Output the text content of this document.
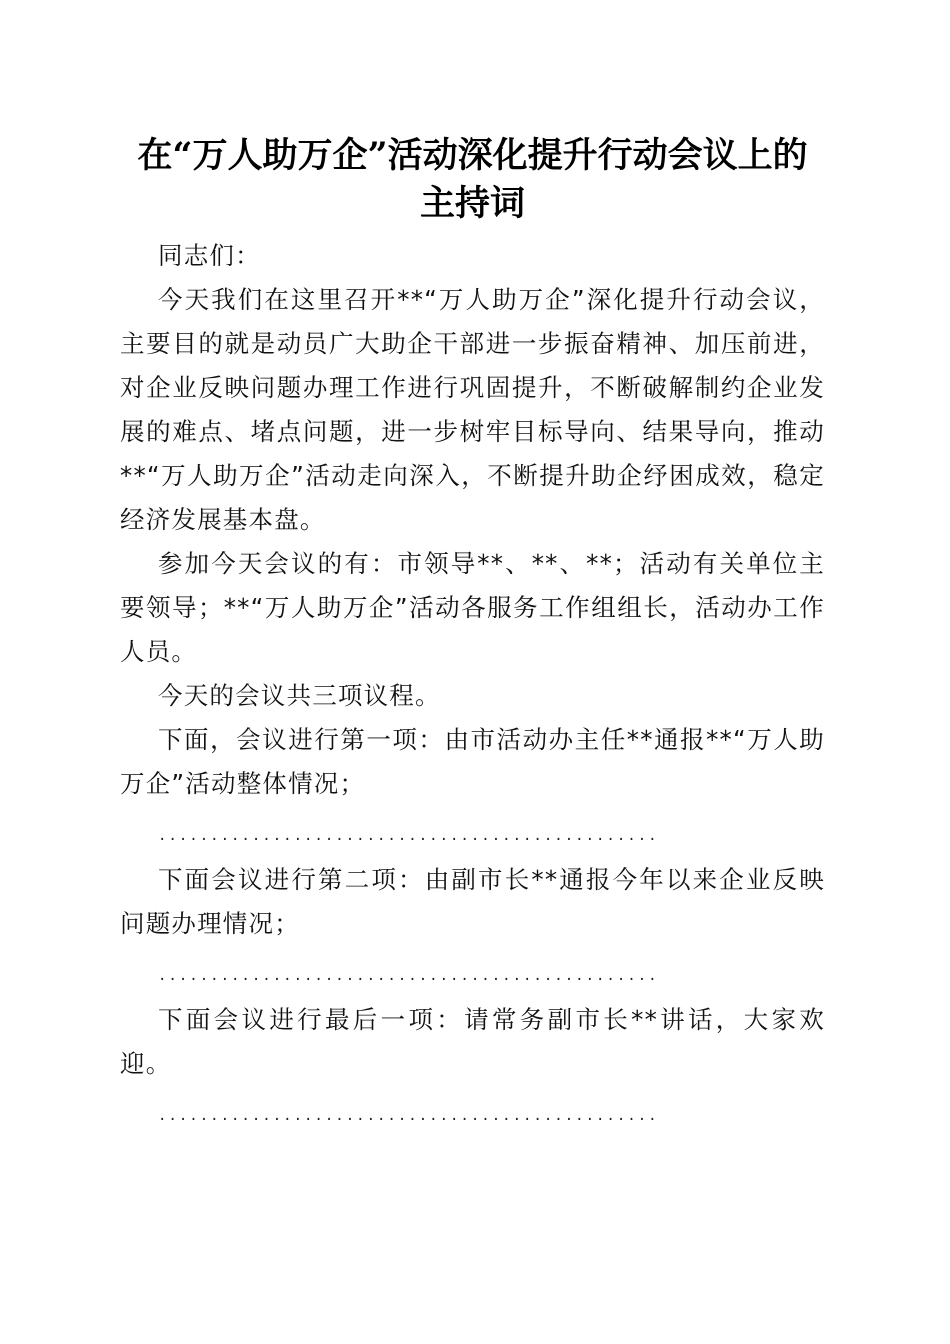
在“万人助万企”活动深化提升行动会议上的主持词

同志们：

今天我们在这里召开**“万人助万企”深化提升行动会议，主要目的就是动员广大助企干部进一步振奋精神、加压前进，对企业反映问题办理工作进行巩固提升，不断破解制约企业发展的难点、堵点问题，进一步树牢目标导向、结果导向，推动**“万人助万企”活动走向深入，不断提升助企纾困成效，稳定经济发展基本盘。

参加今天会议的有：市领导**、**、**；活动有关单位主要领导；**“万人助万企”活动各服务工作组组长，活动办工作人员。

今天的会议共三项议程。

下面，会议进行第一项：由市活动办主任**通报**“万人助万企”活动整体情况；

................................................

下面会议进行第二项：由副市长**通报今年以来企业反映问题办理情况；

................................................

下面会议进行最后一项：请常务副市长**讲话，大家欢迎。

................................................
